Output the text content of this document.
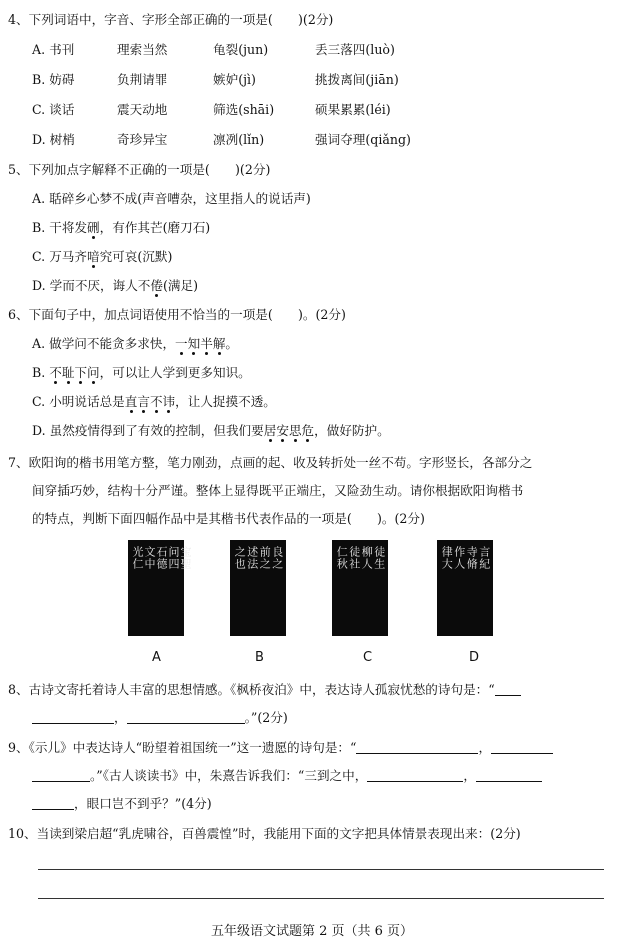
4、下列词语中，字音、字形全部正确的一项是(　　)(2分)
A. 书刊	理索当然	龟裂(jun)	丢三落四(luò)
B. 妨碍	负荆请罪	嫉妒(jì)	挑拨离间(jiān)
C. 谈话	震天动地	筛选(shāi)	硕果累累(léi)
D. 树梢	奇珍异宝	凛冽(lǐn)	强词夺理(qiǎng)
5、下列加点字解释不正确的一项是(　　)(2分)
A. 聒碎乡心梦不成(声音嘈杂，这里指人的说话声)
B. 干将发硎，有作其芒(磨刀石)
C. 万马齐喑究可哀(沉默)
D. 学而不厌，诲人不倦(满足)
6、下面句子中，加点词语使用不恰当的一项是(　　)。(2分)
A. 做学问不能贪多求快，一知半解。
B. 不耻下问，可以让人学到更多知识。
C. 小明说话总是直言不讳，让人捉摸不透。
D. 虽然疫情得到了有效的控制，但我们要居安思危，做好防护。
7、欧阳询的楷书用笔方整，笔力刚劲，点画的起、收及转折处一丝不苟。字形竖长，各部分之
间穿插巧妙，结构十分严谨。整体上显得既平正端庄，又险劲生动。请你根据欧阳询楷书
的特点，判断下面四幅作品中是其楷书代表作品的一项是(　　)。(2分)
宝聖
问四
石德
文中
光仁	良之
前之
述法
之也	徒生
柳人
徒社
仁秋	言紀
寺脩
作人
律大
A	B	C	D
8、古诗文寄托着诗人丰富的思想情感。《枫桥夜泊》中，表达诗人孤寂忧愁的诗句是：“
，	。”(2分)
9、《示儿》中表达诗人“盼望着祖国统一”这一遗愿的诗句是：“	，
。”《古人谈读书》中，朱熹告诉我们：“三到之中，	，
，眼口岂不到乎？”(4分)
10、当读到梁启超“乳虎啸谷，百兽震惶”时，我能用下面的文字把具体情景表现出来：(2分)
五年级语文试题第 2 页（共 6 页）
